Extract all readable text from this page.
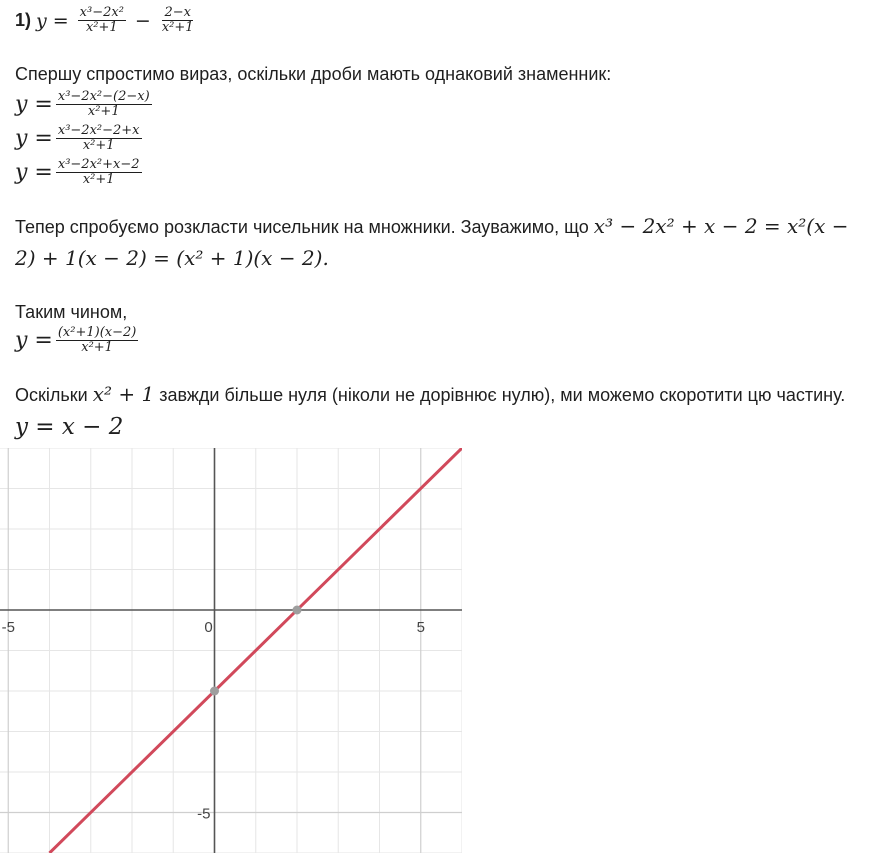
1) $y = \frac{\text{x³−2x²}}{\text{x²+1}} - \frac{2-x}{\text{x²+1}}$
Спершу спростимо вираз, оскільки дроби мають однаковий знаменник:
$y = \frac{\text{x³−2x²−(2−x)}}{\text{x²+1}}$
$y = \frac{\text{x³−2x²−2+x}}{\text{x²+1}}$
$y = \frac{\text{x³−2x²+x−2}}{\text{x²+1}}$
Тепер спробуємо розкласти чисельник на множники. Зауважимо, що x³ − 2x² + x − 2 = x²(x −
2) + 1(x − 2) = (x² + 1)(x − 2).
Таким чином,
$y = \frac{\text{(x²+1)(x−2)}}{\text{x²+1}}$
Оскільки x² + 1 завжди більше нуля (ніколи не дорівнює нулю), ми можемо скоротити цю частину.
y = x − 2
-5	0	5
-5
